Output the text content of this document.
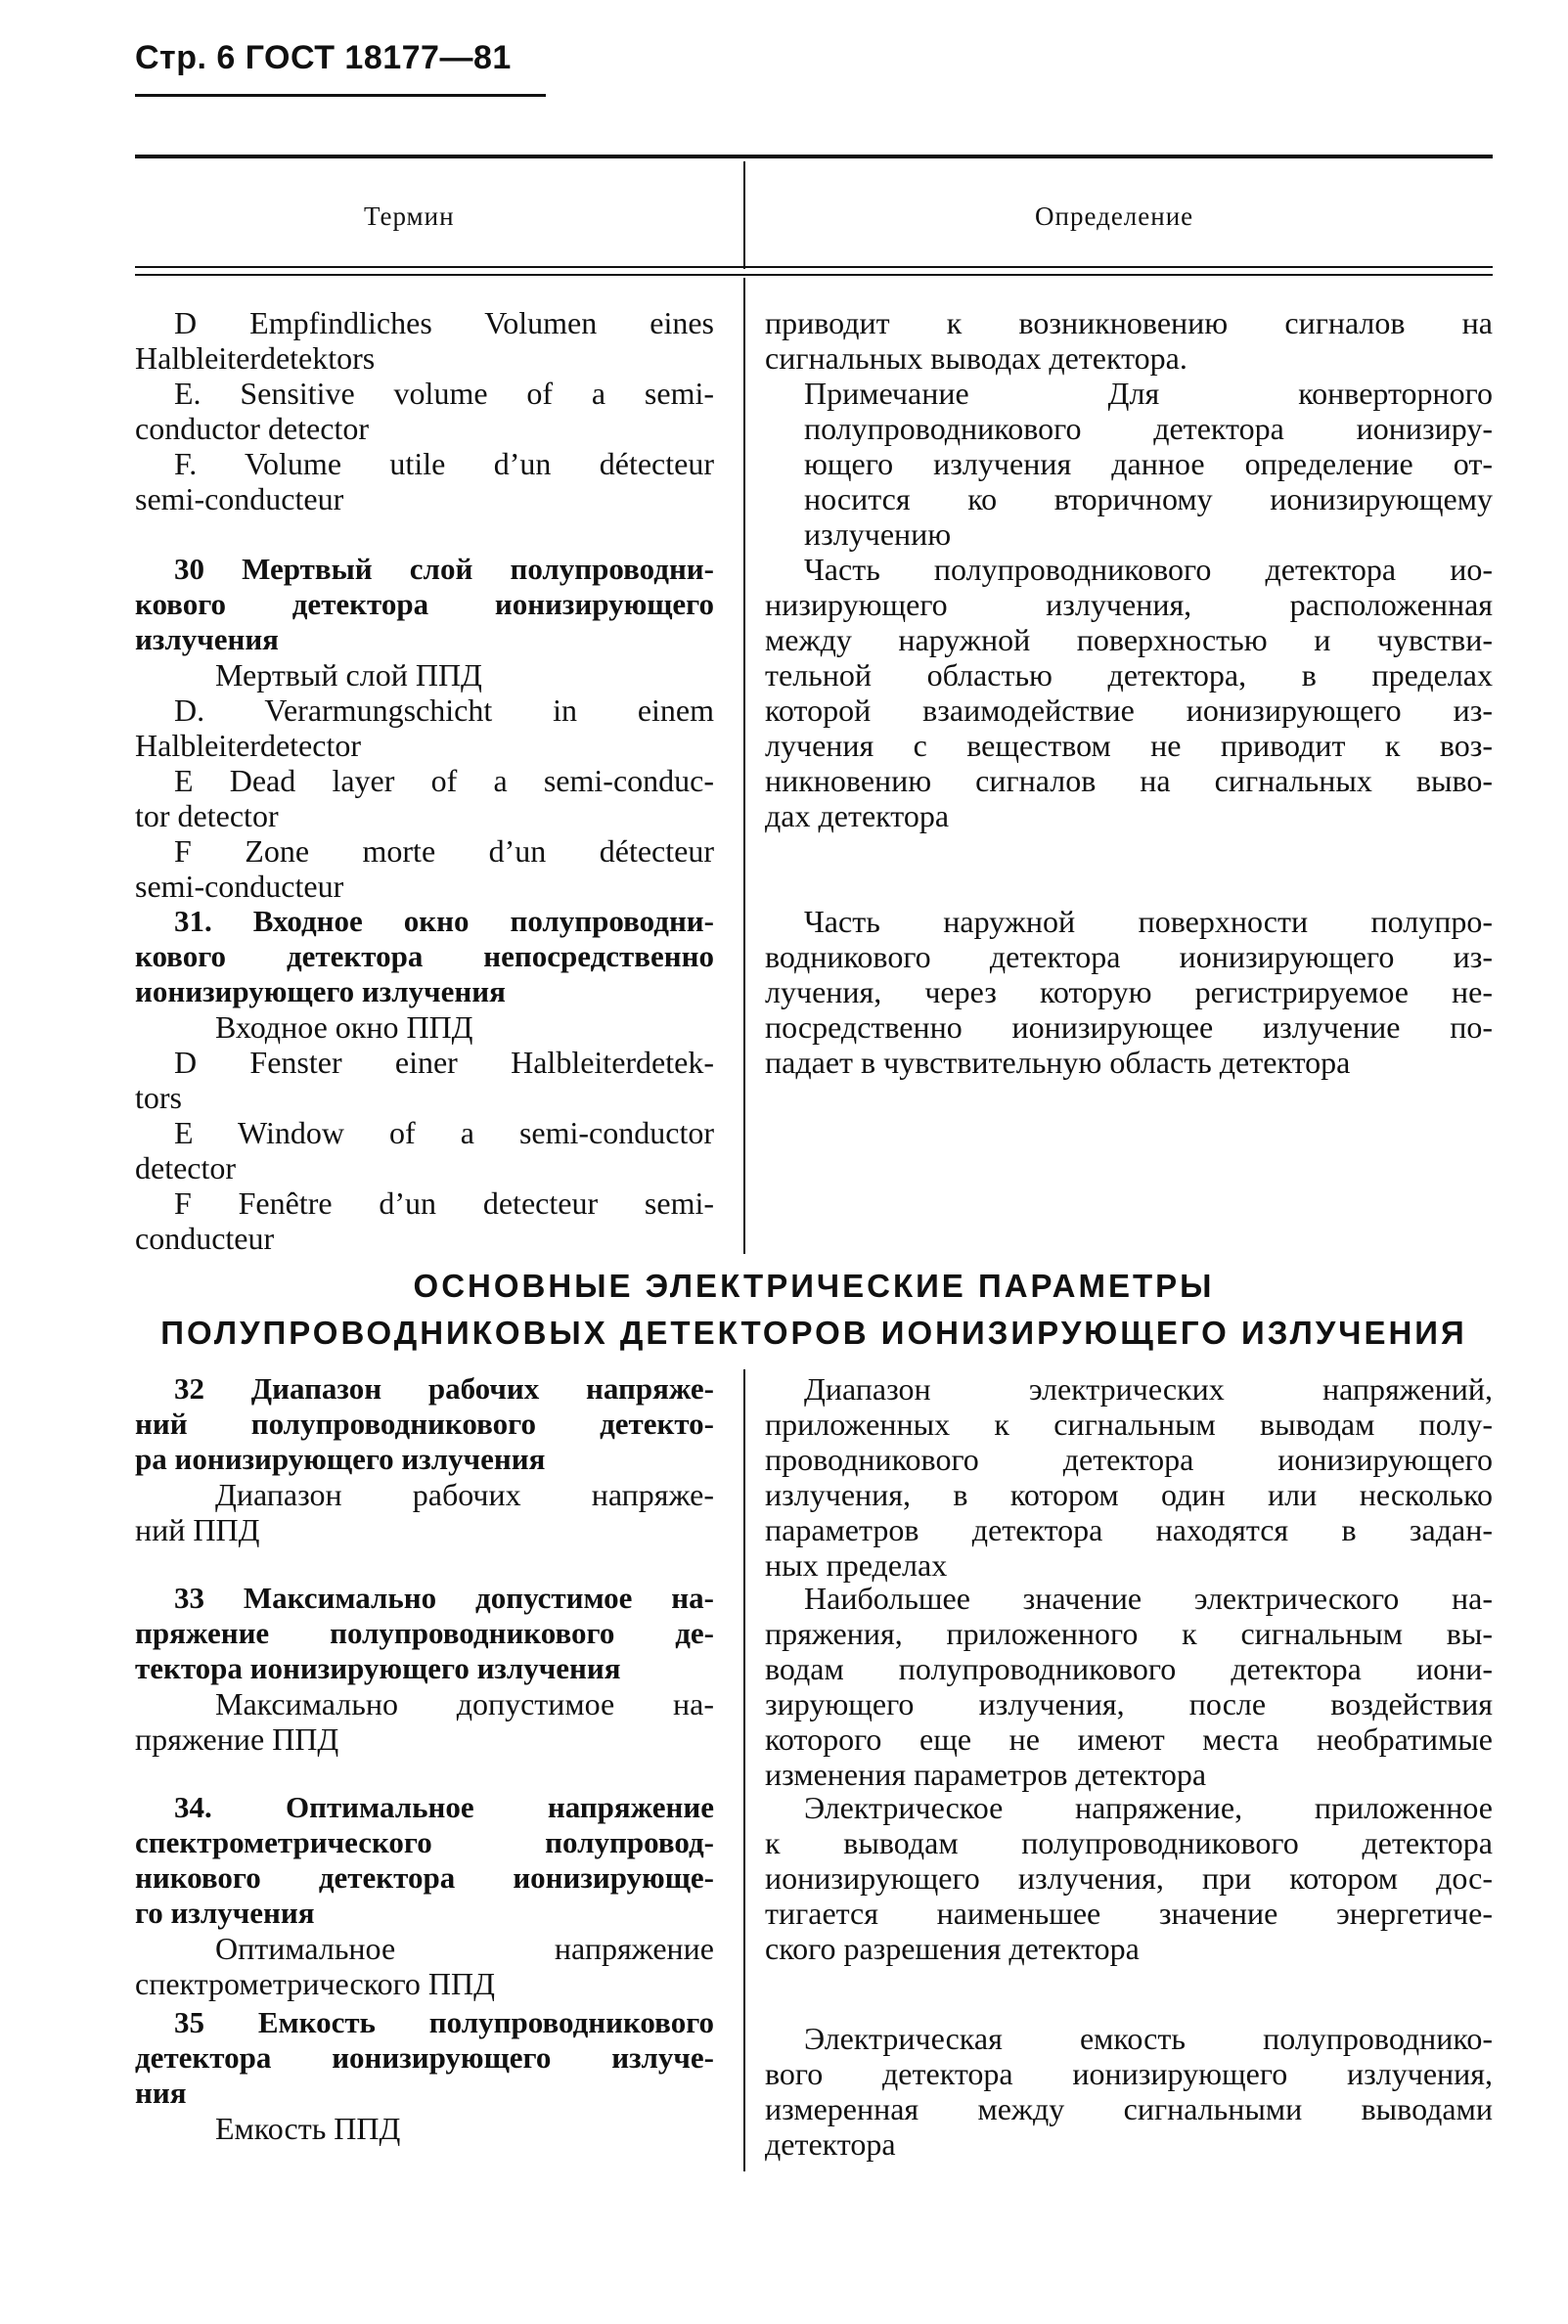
Стр. 6 ГОСТ 18177—81
Термин	Определение
D Empfindliches Volumen eines
Halbleiterdetektors
E. Sensitive volume of a semi-
conductor detector
F. Volume utile d’un détecteur
semi-conducteur
приводит к возникновению сигналов на
сигнальных выводах детектора.
Примечание Для конверторного
полупроводникового детектора ионизиру-
ющего излучения данное определение от-
носится ко вторичному ионизирующему
излучению
30 Мертвый слой полупроводни-
кового детектора ионизирующего
излучения
Мертвый слой ППД
D. Verarmungschicht in einem
Halbleiterdetector
E Dead layer of a semi-conduc-
tor detector
F Zone morte d’un détecteur
semi-conducteur
Часть полупроводникового детектора ио-
низирующего излучения, расположенная
между наружной поверхностью и чувстви-
тельной областью детектора, в пределах
которой взаимодействие ионизирующего из-
лучения с веществом не приводит к воз-
никновению сигналов на сигнальных выво-
дах детектора
31. Входное окно полупроводни-
кового детектора непосредственно
ионизирующего излучения
Входное окно ППД
D Fenster einer Halbleiterdetek-
tors
E Window of a semi-conductor
detector
F Fenêtre d’un detecteur semi-
conducteur
Часть наружной поверхности полупро-
водникового детектора ионизирующего из-
лучения, через которую регистрируемое не-
посредственно ионизирующее излучение по-
падает в чувствительную область детектора
ОСНОВНЫЕ ЭЛЕКТРИЧЕСКИЕ ПАРАМЕТРЫ
ПОЛУПРОВОДНИКОВЫХ ДЕТЕКТОРОВ ИОНИЗИРУЮЩЕГО ИЗЛУЧЕНИЯ
32 Диапазон рабочих напряже-
ний полупроводникового детекто-
ра ионизирующего излучения
Диапазон рабочих напряже-
ний ППД
Диапазон электрических напряжений,
приложенных к сигнальным выводам полу-
проводникового детектора ионизирующего
излучения, в котором один или несколько
параметров детектора находятся в задан-
ных пределах
33 Максимально допустимое на-
пряжение полупроводникового де-
тектора ионизирующего излучения
Максимально допустимое на-
пряжение ППД
Наибольшее значение электрического на-
пряжения, приложенного к сигнальным вы-
водам полупроводникового детектора иони-
зирующего излучения, после воздействия
которого еще не имеют места необратимые
изменения параметров детектора
34. Оптимальное напряжение
спектрометрического полупровод-
никового детектора ионизирующе-
го излучения
Оптимальное напряжение
спектрометрического ППД
Электрическое напряжение, приложенное
к выводам полупроводникового детектора
ионизирующего излучения, при котором дос-
тигается наименьшее значение энергетиче-
ского разрешения детектора
35 Емкость полупроводникового
детектора ионизирующего излуче-
ния
Емкость ППД
Электрическая емкость полупроводнико-
вого детектора ионизирующего излучения,
измеренная между сигнальными выводами
детектора
